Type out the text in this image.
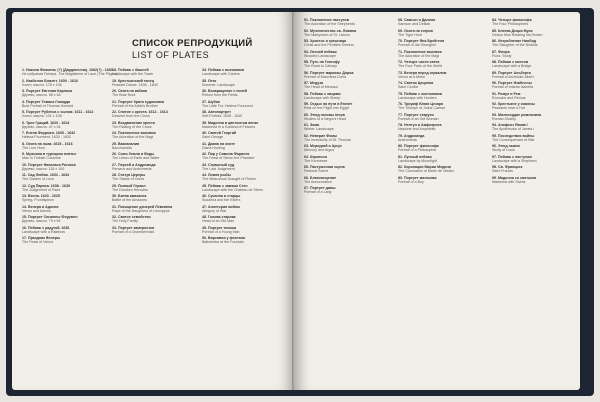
СПИСОК РЕПРОДУКЦИЙ
LIST OF PLATES
1. Никола Фламель (?) (Дарданелла). 1682(?) - 1683
Из собрания Питера. The Magdalene of Laon (The Pilgrim)
2. Изабелла Блиэнт. 1609 - 1610
Холст, масло. 178 x 136
3. Портрет Евгении Карлоса
Дерево, масло. 56 x 48
4. Портрет Томаса Говарда
Bust Portrait of Thomas Howard
5. Портрет Рубенса с сыном. 1611 - 1612
Холст, масло. 131 x 108
6. Трое Граций. 1620 - 1624
Дерево, масло. 47 x 34
7. Елена Фоурмен. 1630 - 1632
Helena Fourment. 1630 - 1632
8. Охота на льва. 1615 - 1616
The Lion Hunt
9. Мужчина в турецком платье
Man in Turkish Costume
10. Портрет Николаса Ротокса
Дерево, масло. 118 x 100
11. Сад Любви. 1632 - 1634
The Garden of Love
12. Суд Париса. 1638 - 1639
The Judgement of Paris
13. Весна. 1620 - 1625
Spring. Frontispiece
14. Венера и Адонис
Venus and Adonis
15. Портрет Сюзанны Фоурмен
Дерево, масло. 79 x 54
16. Пейзаж с радугой. 1636
Landscape with a Rainbow
17. Праздник Венеры
The Feast of Venus
18. Пейзаж с башней
Landscape with the Tower
19. Крестьянский танец
Peasant Dance. 1636 - 1640
20. Охота на кабана
The Boar Hunt
21. Портрет брата художника
Portrait of the Artist's Brother
22. Снятие с креста. 1612 - 1614
Descent from the Cross
23. Воздвижение креста
The Raising of the Cross
24. Поклонение волхвов
The Adoration of the Magi
25. Вакханалия
Bacchanalia
26. Союз Земли и Воды
The Union of Earth and Water
27. Персей и Андромеда
Perseus and Andromeda
28. Статуя Цереры
The Statue of Ceres
29. Пьяный Геракл
The Drunken Hercules
30. Битва амазонок
Battle of the Amazons
31. Похищение дочерей Левкиппа
Rape of the Daughters of Leucippus
32. Святое семейство
The Holy Family
33. Портрет камеристки
Portrait of a Chambermaid
34. Пейзаж с возчиками
Landscape with Carters
35. Лето
Summer. Landscape
36. Возвращение с полей
Return from the Fields
37. Шубка
The Little Fur. Helena Fourment
38. Автопортрет
Self-Portrait. 1638 - 1640
39. Мадонна в цветочном венке
Madonna in a Garland of Flowers
40. Святой Георгий
Saint George
41. Диана на охоте
Diana Hunting
42. Пир у Симона Фарисея
The Feast of Simon the Pharisee
43. Страшный суд
The Last Judgement
44. Ловля рыбы
The Miraculous Draught of Fishes
45. Пейзаж с замком Стен
Landscape with the Chateau de Steen
46. Сусанна и старцы
Susanna and the Elders
47. Аллегория войны
Allegory of War
48. Голова старика
Head of an Old Man
49. Портрет юноши
Portrait of a Young Man
50. Вирсавия у фонтана
Bathsheba at the Fountain
51. Поклонение пастухов
The Adoration of the Shepherds
52. Мученичество св. Ливина
The Martyrdom of St. Livinus
53. Христос и грешница
Christ and the Penitent Sinners
54. Лесной пейзаж
Wooded Landscape
55. Путь на Голгофу
The Road to Calvary
56. Портрет маркизы Дориа
Portrait of Marchesa Doria
57. Медуза
The Head of Medusa
58. Пейзаж с овцами
Landscape with Sheep
59. Отдых на пути в Египет
Rest on the Flight into Egypt
60. Этюд головы негра
Studies of a Negro's Head
61. Зима
Winter. Landscape
62. Неверие Фомы
The Incredulity of St. Thomas
63. Меркурий и Аргус
Mercury and Argus
64. Кермесса
The Kermesse
65. Пастушеская сцена
Pastoral Scene
66. Благовещение
The Annunciation
67. Портрет дамы
Portrait of a Lady
68. Самсон и Далила
Samson and Delilah
69. Охота на тигров
The Tiger Hunt
70. Портрет Яна Брейгеля
Portrait of Jan Brueghel
71. Поклонение волхвов
The Adoration of the Magi
72. Четыре части света
The Four Parts of the World
73. Венера перед зеркалом
Venus at a Mirror
74. Святая Цецилия
Saint Cecilia
75. Пейзаж с охотниками
Landscape with Hunters
76. Триумф Юлия Цезаря
The Triumph of Julius Caesar
77. Портрет старухи
Portrait of an Old Woman
78. Нептун и Амфитрита
Neptune and Amphitrite
79. Андромеда
Andromeda
80. Портрет философа
Portrait of a Philosopher
81. Лунный пейзаж
Landscape by Moonlight
82. Коронация Марии Медичи
The Coronation of Marie de' Medici
83. Портрет мальчика
Portrait of a Boy
84. Четыре философа
The Four Philosophers
85. Клятва Деция Муса
Decius Mus Relating his Dream
86. Истребление Ниобид
The Slaughter of the Niobids
87. Флора
Flora. Study
88. Пейзаж с мостом
Landscape with a Bridge
89. Портрет Альберта
Portrait of Archduke Albert
90. Портрет Изабеллы
Portrait of Infanta Isabella
91. Ромул и Рем
Romulus and Remus
92. Крестьяне у хижины
Peasants near a Hut
93. Милосердие римлянина
Roman Charity
94. Апофеоз Якова I
The Apotheosis of James I
95. Последствия войны
The Consequences of War
96. Этюд львов
Study of Lions
97. Пейзаж с пастухом
Landscape with a Shepherd
98. Св. Франциск
Saint Francis
99. Мадонна со святыми
Madonna with Saints
